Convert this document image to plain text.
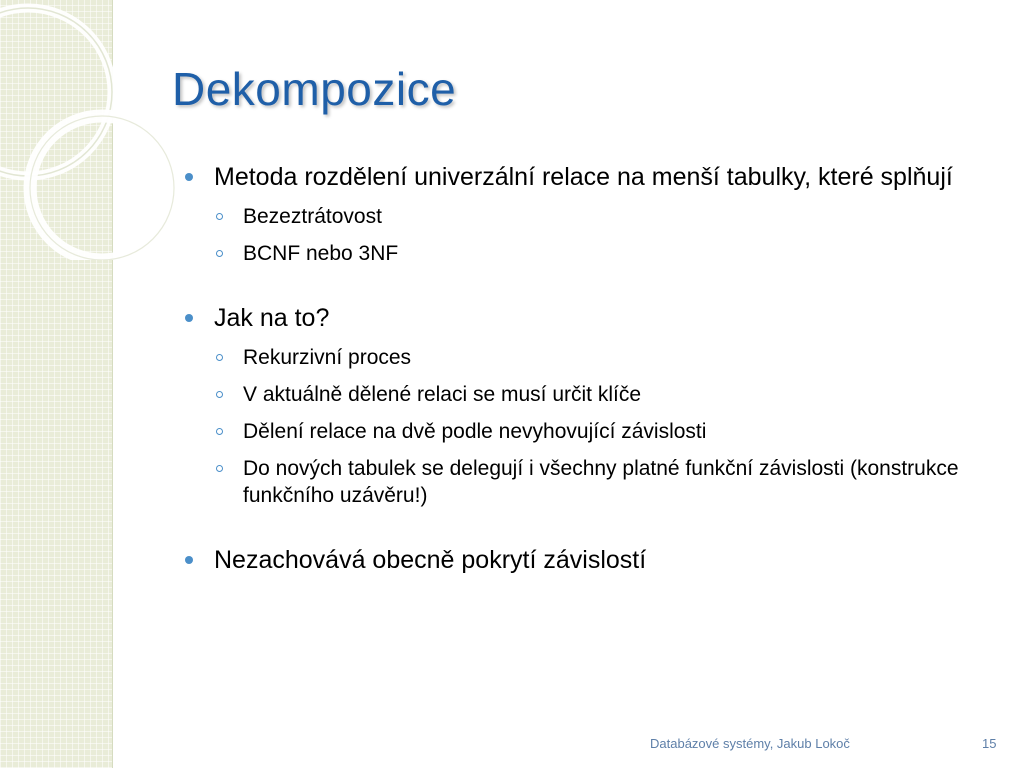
Dekompozice

Metoda rozdělení univerzální relace na menší tabulky, které splňují

Bezeztrátovost

BCNF nebo 3NF

Jak na to?

Rekurzivní proces

V aktuálně dělené relaci se musí určit klíče

Dělení relace na dvě podle nevyhovující závislosti

Do nových tabulek se delegují i všechny platné funkční závislosti (konstrukce funkčního uzávěru!)

Nezachovává obecně pokrytí závislostí

Databázové systémy, Jakub Lokoč	15
